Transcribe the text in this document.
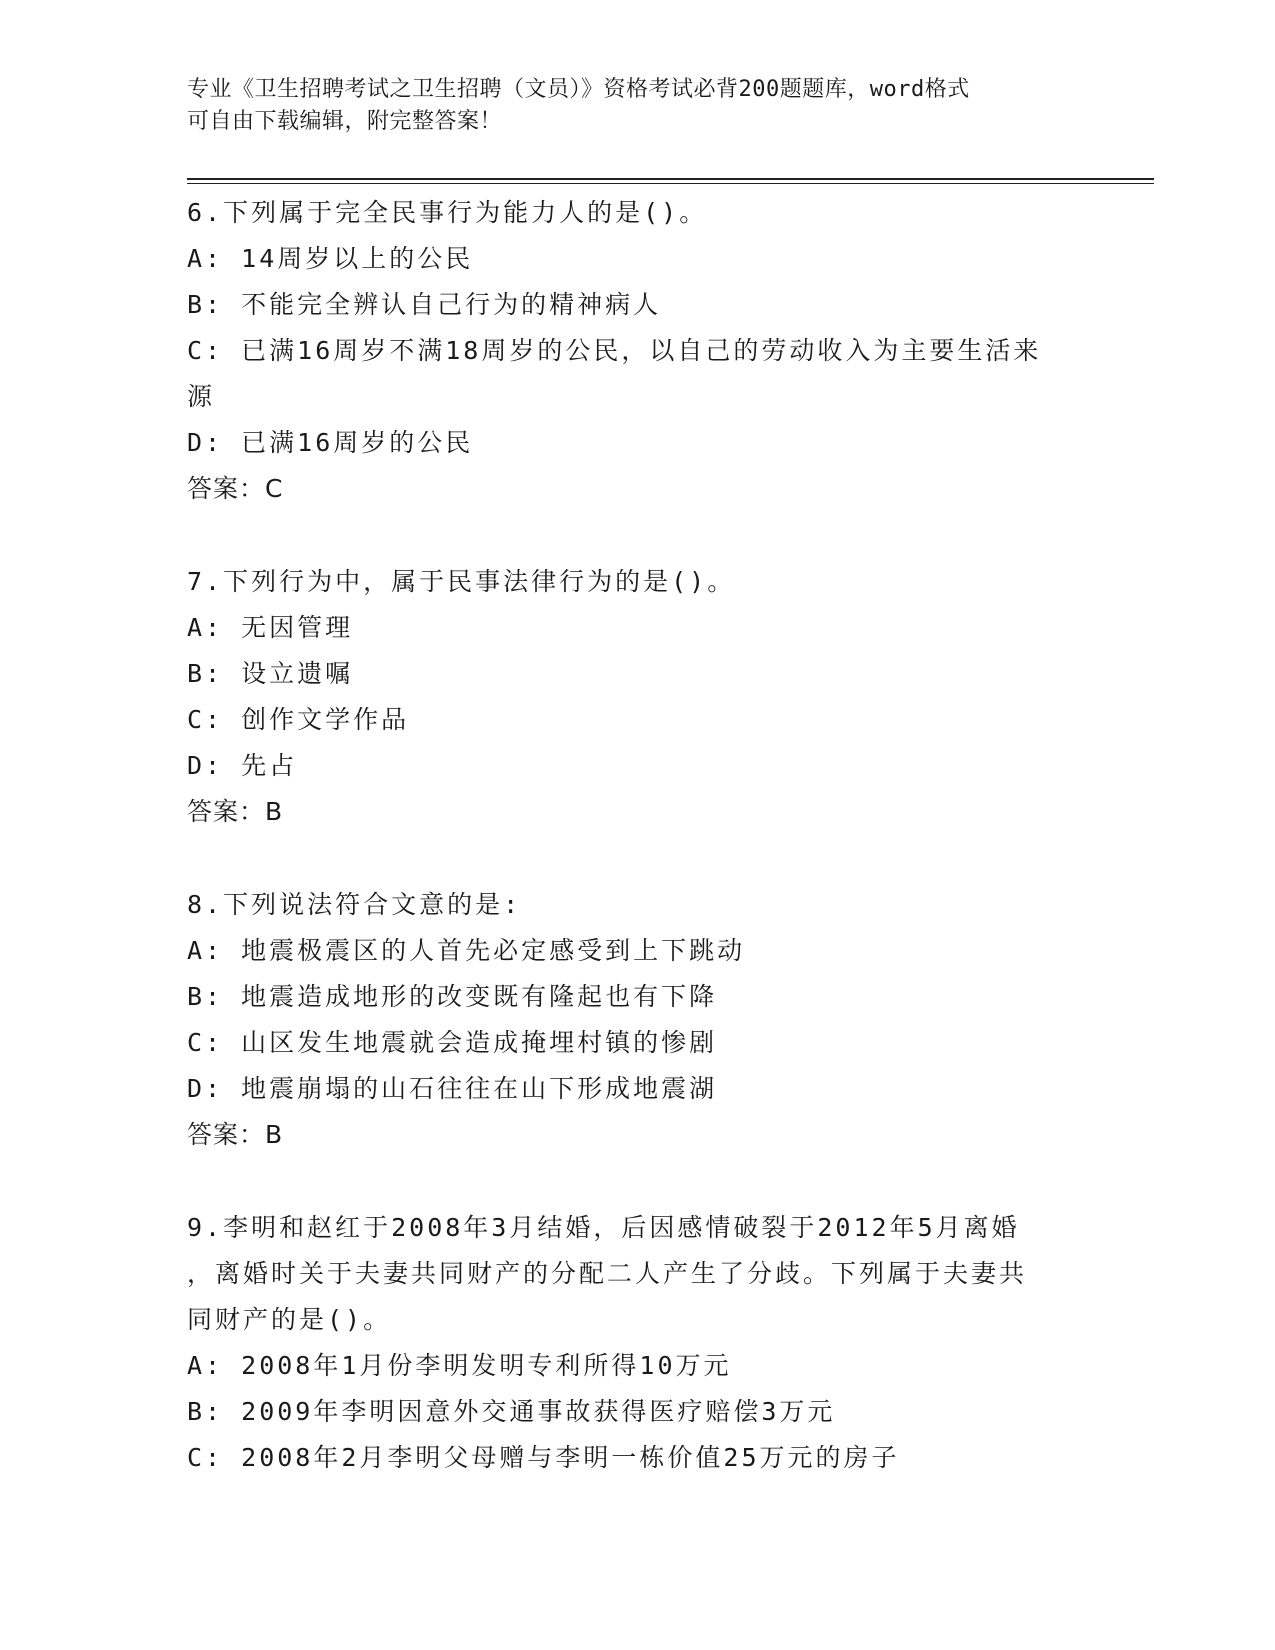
专业《卫生招聘考试之卫生招聘（文员）》资格考试必背200题题库，word格式
可自由下载编辑，附完整答案！
6.下列属于完全民事行为能力人的是()。
A: 14周岁以上的公民
B: 不能完全辨认自己行为的精神病人
C: 已满16周岁不满18周岁的公民，以自己的劳动收入为主要生活来
源
D: 已满16周岁的公民
答案：C
7.下列行为中，属于民事法律行为的是()。
A: 无因管理
B: 设立遗嘱
C: 创作文学作品
D: 先占
答案：B
8.下列说法符合文意的是:
A: 地震极震区的人首先必定感受到上下跳动
B: 地震造成地形的改变既有隆起也有下降
C: 山区发生地震就会造成掩埋村镇的惨剧
D: 地震崩塌的山石往往在山下形成地震湖
答案：B
9.李明和赵红于2008年3月结婚，后因感情破裂于2012年5月离婚
，离婚时关于夫妻共同财产的分配二人产生了分歧。下列属于夫妻共
同财产的是()。
A: 2008年1月份李明发明专利所得10万元
B: 2009年李明因意外交通事故获得医疗赔偿3万元
C: 2008年2月李明父母赠与李明一栋价值25万元的房子
